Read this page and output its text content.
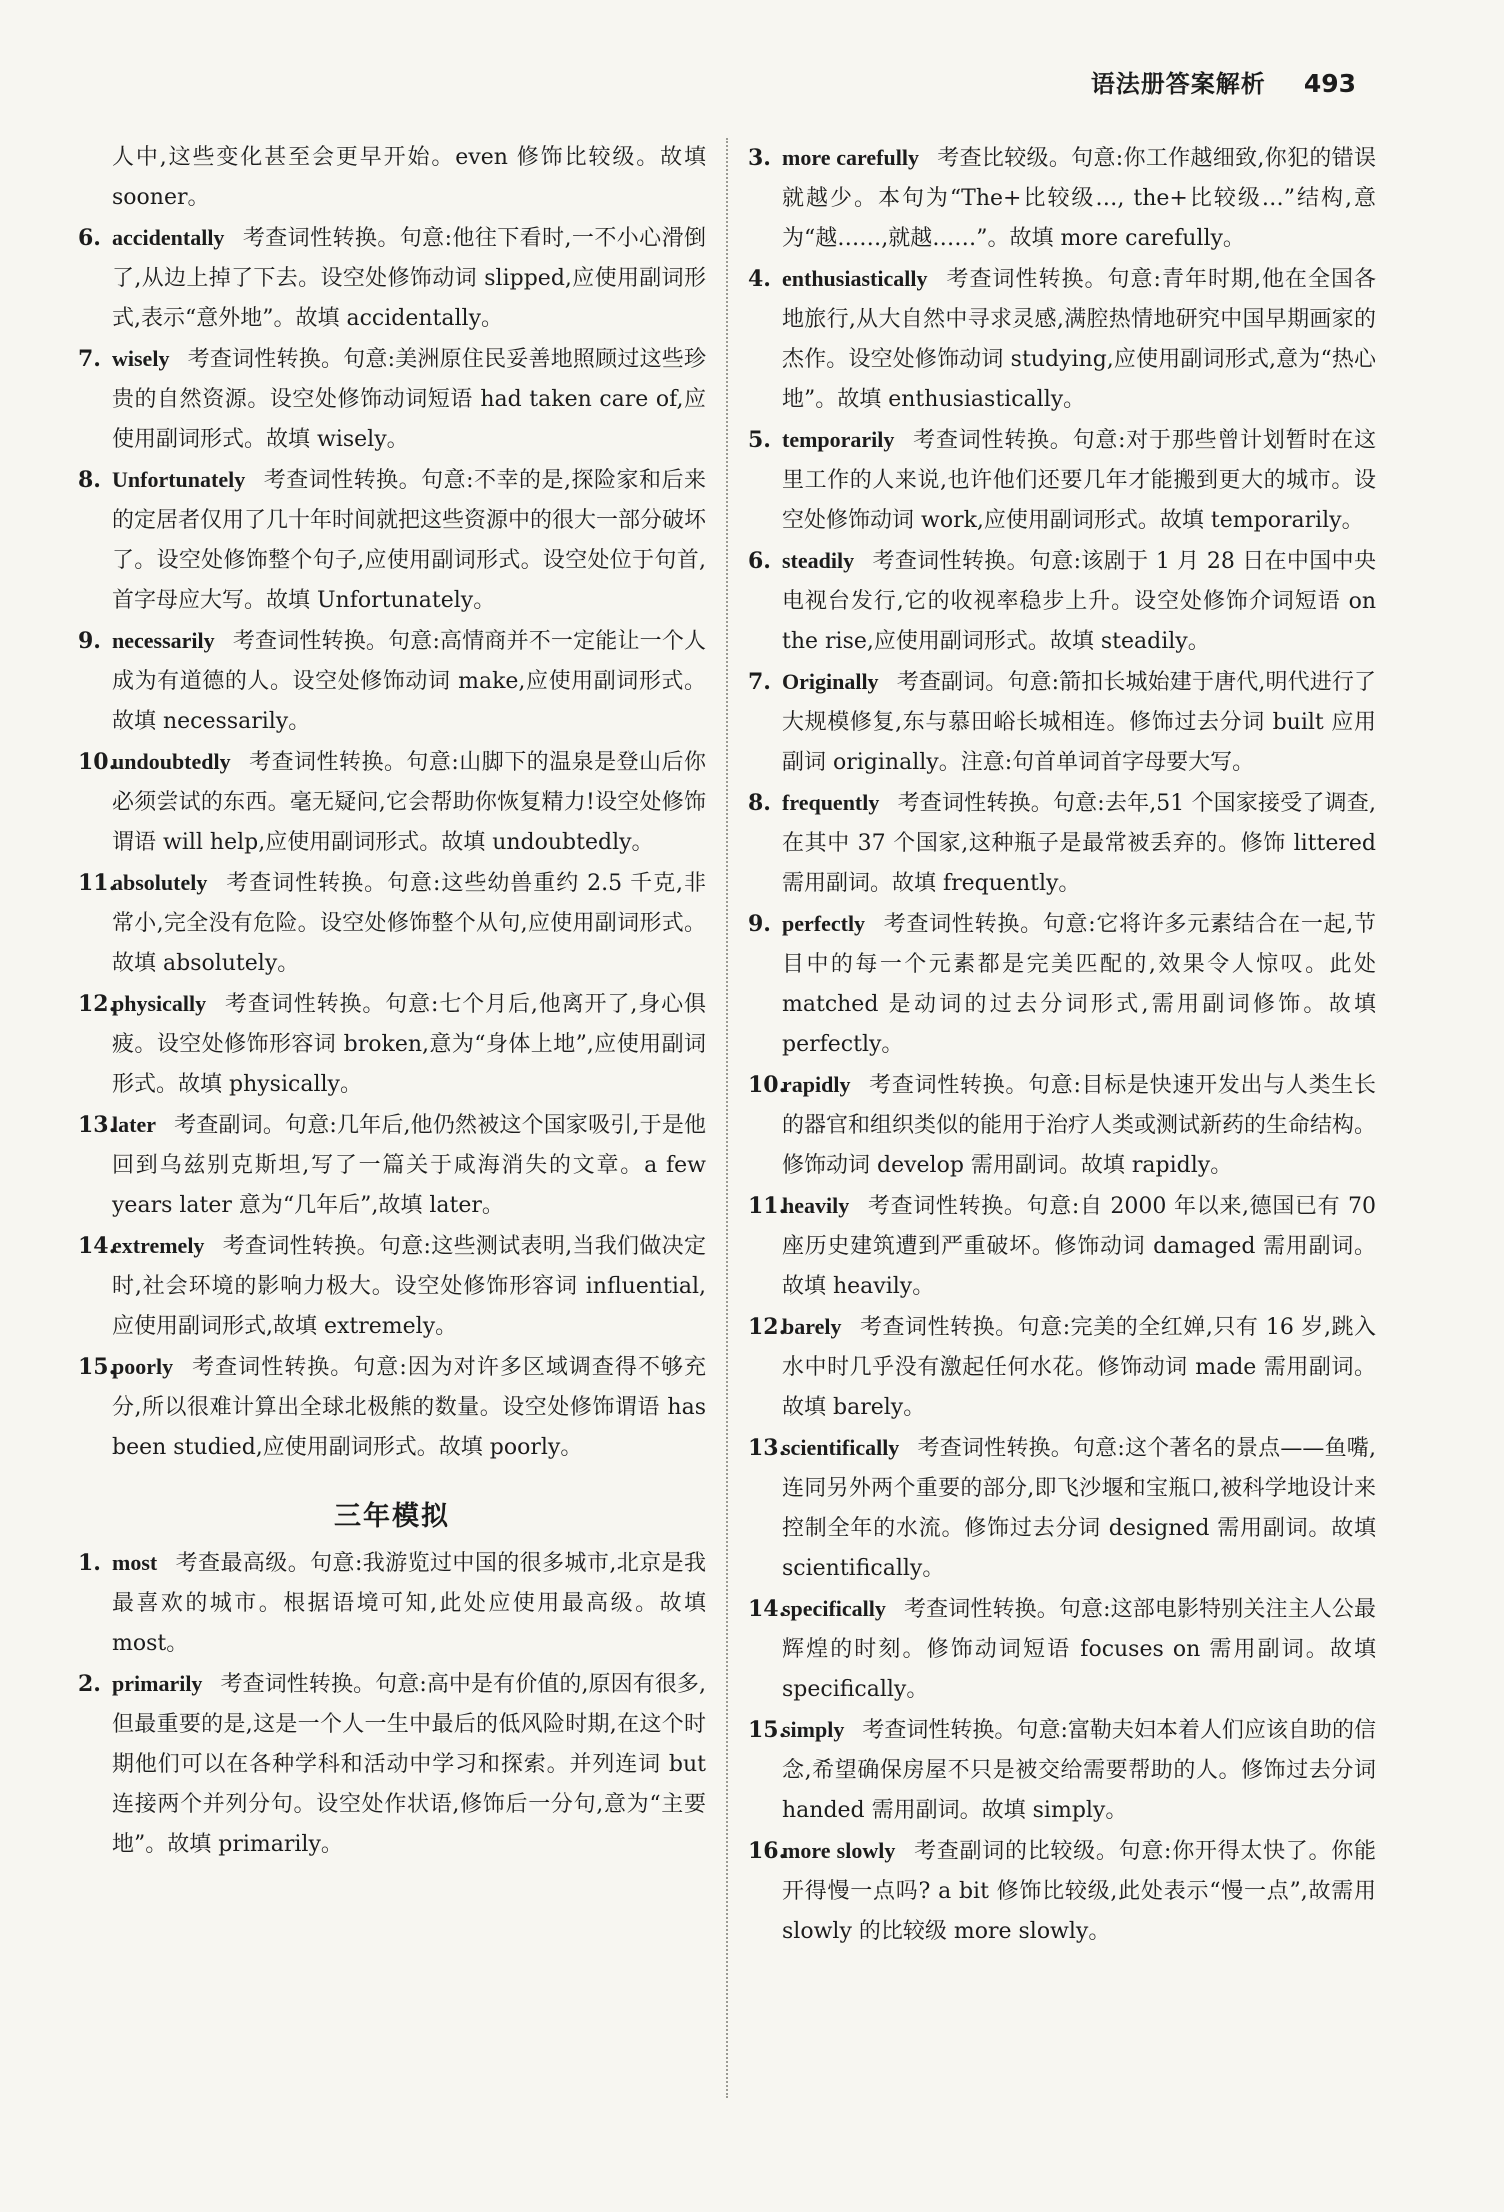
语法册答案解析 493

人中,这些变化甚至会更早开始。even 修饰比较级。故填 sooner。

6. accidentally 考查词性转换。句意:他往下看时,一不小心滑倒了,从边上掉了下去。设空处修饰动词 slipped,应使用副词形式,表示“意外地”。故填 accidentally。

7. wisely 考查词性转换。句意:美洲原住民妥善地照顾过这些珍贵的自然资源。设空处修饰动词短语 had taken care of,应使用副词形式。故填 wisely。

8. Unfortunately 考查词性转换。句意:不幸的是,探险家和后来的定居者仅用了几十年时间就把这些资源中的很大一部分破坏了。设空处修饰整个句子,应使用副词形式。设空处位于句首,首字母应大写。故填 Unfortunately。

9. necessarily 考查词性转换。句意:高情商并不一定能让一个人成为有道德的人。设空处修饰动词 make,应使用副词形式。故填 necessarily。

10.undoubtedly 考查词性转换。句意:山脚下的温泉是登山后你必须尝试的东西。毫无疑问,它会帮助你恢复精力!设空处修饰谓语 will help,应使用副词形式。故填 undoubtedly。

11.absolutely 考查词性转换。句意:这些幼兽重约 2.5 千克,非常小,完全没有危险。设空处修饰整个从句,应使用副词形式。故填 absolutely。

12.physically 考查词性转换。句意:七个月后,他离开了,身心俱疲。设空处修饰形容词 broken,意为“身体上地”,应使用副词形式。故填 physically。

13.later 考查副词。句意:几年后,他仍然被这个国家吸引,于是他回到乌兹别克斯坦,写了一篇关于咸海消失的文章。a few years later 意为“几年后”,故填 later。

14.extremely 考查词性转换。句意:这些测试表明,当我们做决定时,社会环境的影响力极大。设空处修饰形容词 influential,应使用副词形式,故填 extremely。

15.poorly 考查词性转换。句意:因为对许多区域调查得不够充分,所以很难计算出全球北极熊的数量。设空处修饰谓语 has been studied,应使用副词形式。故填 poorly。

三年模拟

1. most 考查最高级。句意:我游览过中国的很多城市,北京是我最喜欢的城市。根据语境可知,此处应使用最高级。故填 most。

2. primarily 考查词性转换。句意:高中是有价值的,原因有很多,但最重要的是,这是一个人一生中最后的低风险时期,在这个时期他们可以在各种学科和活动中学习和探索。并列连词 but 连接两个并列分句。设空处作状语,修饰后一分句,意为“主要地”。故填 primarily。

3. more carefully 考查比较级。句意:你工作越细致,你犯的错误就越少。本句为“The+比较级…, the+比较级…”结构,意为“越……,就越……”。故填 more carefully。

4. enthusiastically 考查词性转换。句意:青年时期,他在全国各地旅行,从大自然中寻求灵感,满腔热情地研究中国早期画家的杰作。设空处修饰动词 studying,应使用副词形式,意为“热心地”。故填 enthusiastically。

5. temporarily 考查词性转换。句意:对于那些曾计划暂时在这里工作的人来说,也许他们还要几年才能搬到更大的城市。设空处修饰动词 work,应使用副词形式。故填 temporarily。

6. steadily 考查词性转换。句意:该剧于 1 月 28 日在中国中央电视台发行,它的收视率稳步上升。设空处修饰介词短语 on the rise,应使用副词形式。故填 steadily。

7. Originally 考查副词。句意:箭扣长城始建于唐代,明代进行了大规模修复,东与慕田峪长城相连。修饰过去分词 built 应用副词 originally。注意:句首单词首字母要大写。

8. frequently 考查词性转换。句意:去年,51 个国家接受了调查,在其中 37 个国家,这种瓶子是最常被丢弃的。修饰 littered 需用副词。故填 frequently。

9. perfectly 考查词性转换。句意:它将许多元素结合在一起,节目中的每一个元素都是完美匹配的,效果令人惊叹。此处 matched 是动词的过去分词形式,需用副词修饰。故填 perfectly。

10.rapidly 考查词性转换。句意:目标是快速开发出与人类生长的器官和组织类似的能用于治疗人类或测试新药的生命结构。修饰动词 develop 需用副词。故填 rapidly。

11.heavily 考查词性转换。句意:自 2000 年以来,德国已有 70 座历史建筑遭到严重破坏。修饰动词 damaged 需用副词。故填 heavily。

12.barely 考查词性转换。句意:完美的全红婵,只有 16 岁,跳入水中时几乎没有激起任何水花。修饰动词 made 需用副词。故填 barely。

13.scientifically 考查词性转换。句意:这个著名的景点——鱼嘴,连同另外两个重要的部分,即飞沙堰和宝瓶口,被科学地设计来控制全年的水流。修饰过去分词 designed 需用副词。故填 scientifically。

14.specifically 考查词性转换。句意:这部电影特别关注主人公最辉煌的时刻。修饰动词短语 focuses on 需用副词。故填 specifically。

15.simply 考查词性转换。句意:富勒夫妇本着人们应该自助的信念,希望确保房屋不只是被交给需要帮助的人。修饰过去分词 handed 需用副词。故填 simply。

16.more slowly 考查副词的比较级。句意:你开得太快了。你能开得慢一点吗? a bit 修饰比较级,此处表示“慢一点”,故需用 slowly 的比较级 more slowly。
